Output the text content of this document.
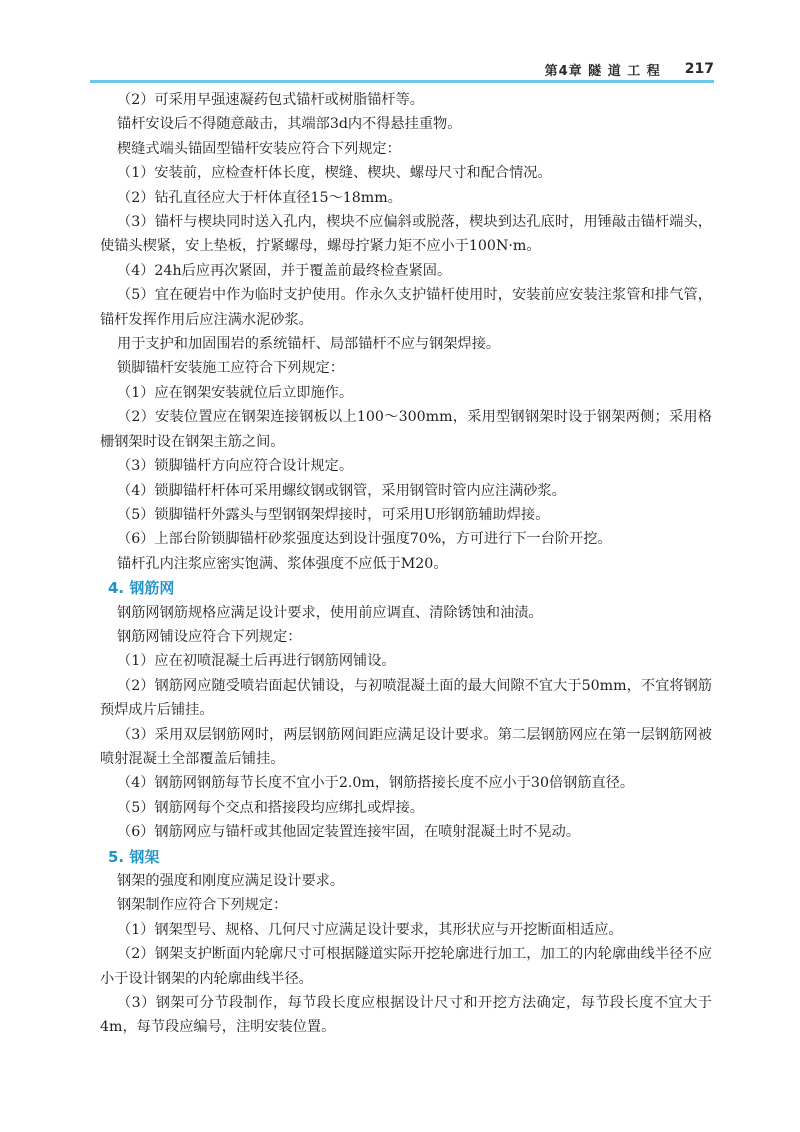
第4章 隧 道 工 程 217

（2）可采用早强速凝药包式锚杆或树脂锚杆等。

锚杆安设后不得随意敲击，其端部3d内不得悬挂重物。

楔缝式端头锚固型锚杆安装应符合下列规定：

（1）安装前，应检查杆体长度，楔缝、楔块、螺母尺寸和配合情况。

（2）钻孔直径应大于杆体直径15～18mm。

（3）锚杆与楔块同时送入孔内，楔块不应偏斜或脱落，楔块到达孔底时，用锤敲击锚杆端头，使锚头楔紧，安上垫板，拧紧螺母，螺母拧紧力矩不应小于100N·m。

（4）24h后应再次紧固，并于覆盖前最终检查紧固。

（5）宜在硬岩中作为临时支护使用。作永久支护锚杆使用时，安装前应安装注浆管和排气管，锚杆发挥作用后应注满水泥砂浆。

用于支护和加固围岩的系统锚杆、局部锚杆不应与钢架焊接。

锁脚锚杆安装施工应符合下列规定：

（1）应在钢架安装就位后立即施作。

（2）安装位置应在钢架连接钢板以上100～300mm，采用型钢钢架时设于钢架两侧；采用格栅钢架时设在钢架主筋之间。

（3）锁脚锚杆方向应符合设计规定。

（4）锁脚锚杆杆体可采用螺纹钢或钢管，采用钢管时管内应注满砂浆。

（5）锁脚锚杆外露头与型钢钢架焊接时，可采用U形钢筋辅助焊接。

（6）上部台阶锁脚锚杆砂浆强度达到设计强度70%，方可进行下一台阶开挖。

锚杆孔内注浆应密实饱满、浆体强度不应低于M20。

4. 钢筋网

钢筋网钢筋规格应满足设计要求，使用前应调直、清除锈蚀和油渍。

钢筋网铺设应符合下列规定：

（1）应在初喷混凝土后再进行钢筋网铺设。

（2）钢筋网应随受喷岩面起伏铺设，与初喷混凝土面的最大间隙不宜大于50mm，不宜将钢筋预焊成片后铺挂。

（3）采用双层钢筋网时，两层钢筋网间距应满足设计要求。第二层钢筋网应在第一层钢筋网被喷射混凝土全部覆盖后铺挂。

（4）钢筋网钢筋每节长度不宜小于2.0m，钢筋搭接长度不应小于30倍钢筋直径。

（5）钢筋网每个交点和搭接段均应绑扎或焊接。

（6）钢筋网应与锚杆或其他固定装置连接牢固，在喷射混凝土时不晃动。

5. 钢架

钢架的强度和刚度应满足设计要求。

钢架制作应符合下列规定：

（1）钢架型号、规格、几何尺寸应满足设计要求，其形状应与开挖断面相适应。

（2）钢架支护断面内轮廓尺寸可根据隧道实际开挖轮廓进行加工，加工的内轮廓曲线半径不应小于设计钢架的内轮廓曲线半径。

（3）钢架可分节段制作，每节段长度应根据设计尺寸和开挖方法确定，每节段长度不宜大于4m，每节段应编号，注明安装位置。
